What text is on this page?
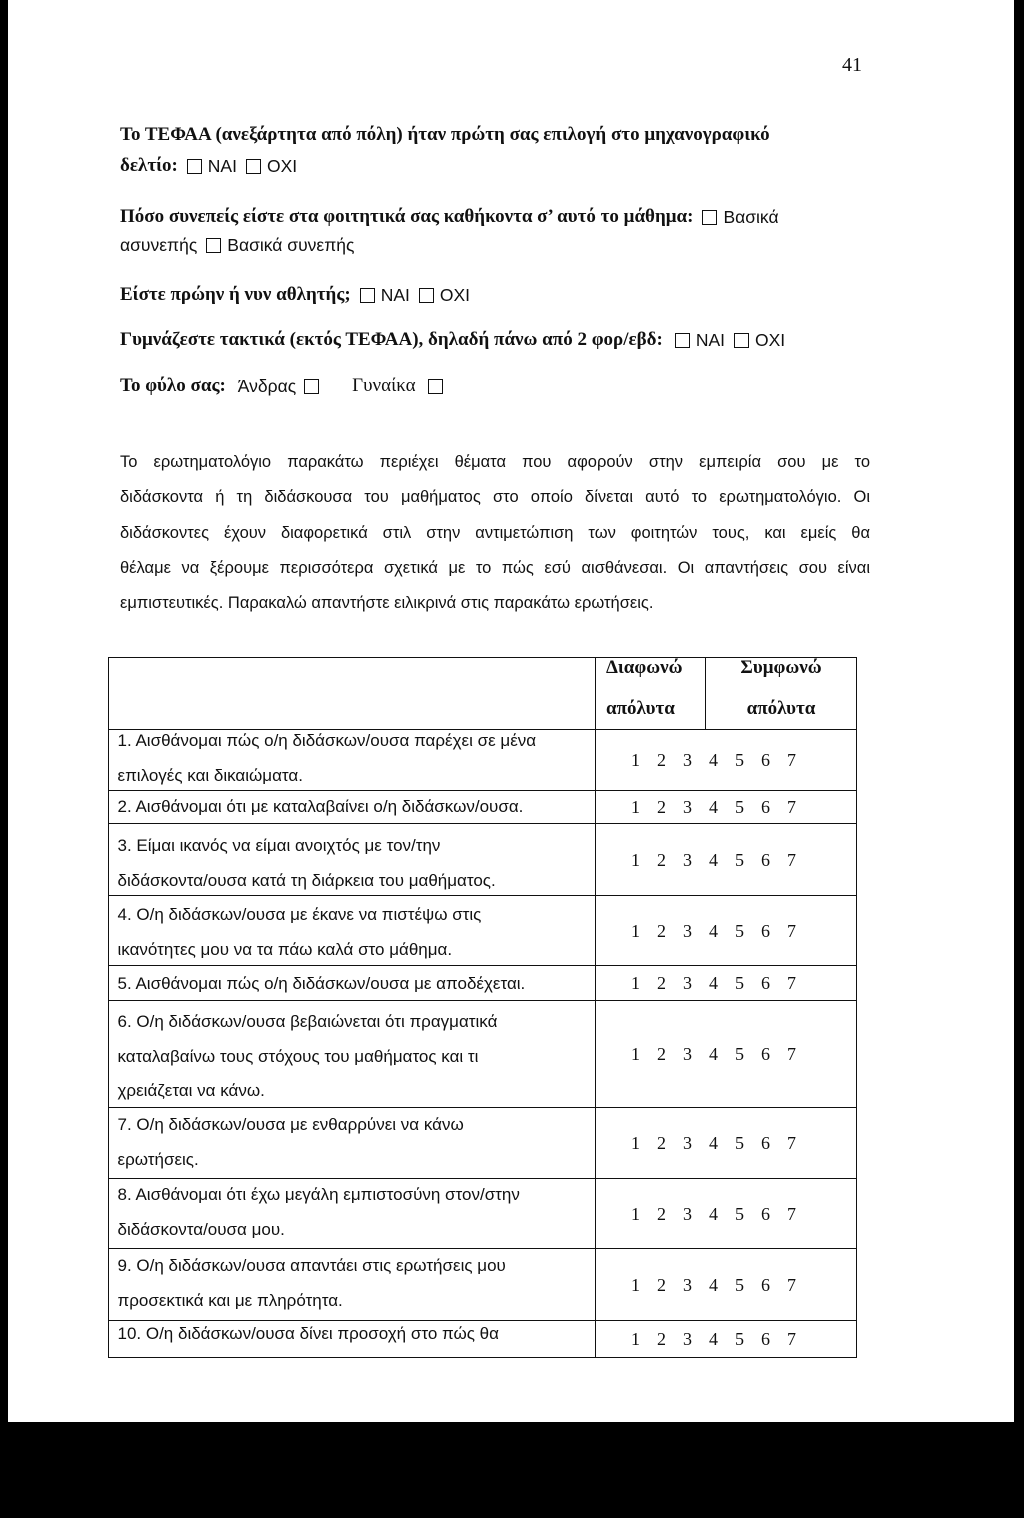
41
Το ΤΕΦΑΑ (ανεξάρτητα από πόλη) ήταν πρώτη σας επιλογή στο μηχανογραφικό
δελτίο: ΝΑΙ ΟΧΙ
Πόσο συνεπείς είστε στα φοιτητικά σας καθήκοντα σ’ αυτό το μάθημα: Βασικά
ασυνεπής Βασικά συνεπής
Είστε πρώην ή νυν αθλητής; ΝΑΙ ΟΧΙ
Γυμνάζεστε τακτικά (εκτός ΤΕΦΑΑ), δηλαδή πάνω από 2 φορ/εβδ: ΝΑΙ ΟΧΙ
Το φύλο σας: Άνδρας	Γυναίκα
Το ερωτηματολόγιο παρακάτω περιέχει θέματα που αφορούν στην εμπειρία σου με το
διδάσκοντα ή τη διδάσκουσα του μαθήματος στο οποίο δίνεται αυτό το ερωτηματολόγιο. Οι
διδάσκοντες έχουν διαφορετικά στιλ στην αντιμετώπιση των φοιτητών τους, και εμείς θα
θέλαμε να ξέρουμε περισσότερα σχετικά με το πώς εσύ αισθάνεσαι. Οι απαντήσεις σου είναι
εμπιστευτικές. Παρακαλώ απαντήστε ειλικρινά στις παρακάτω ερωτήσεις.
Διαφωνώ
απόλυτα
Συμφωνώ
απόλυτα
1. Αισθάνομαι πώς ο/η διδάσκων/ουσα παρέχει σε μένα
επιλογές και δικαιώματα.
1 2 3 4 5 6 7
2. Αισθάνομαι ότι με καταλαβαίνει ο/η διδάσκων/ουσα.	1 2 3 4 5 6 7
3. Είμαι ικανός να είμαι ανοιχτός με τον/την
διδάσκοντα/ουσα κατά τη διάρκεια του μαθήματος.
1 2 3 4 5 6 7
4. Ο/η διδάσκων/ουσα με έκανε να πιστέψω στις
ικανότητες μου να τα πάω καλά στο μάθημα.
1 2 3 4 5 6 7
5. Αισθάνομαι πώς ο/η διδάσκων/ουσα με αποδέχεται.	1 2 3 4 5 6 7
6. Ο/η διδάσκων/ουσα βεβαιώνεται ότι πραγματικά
καταλαβαίνω τους στόχους του μαθήματος και τι
χρειάζεται να κάνω.
1 2 3 4 5 6 7
7. Ο/η διδάσκων/ουσα με ενθαρρύνει να κάνω
ερωτήσεις.
1 2 3 4 5 6 7
8. Αισθάνομαι ότι έχω μεγάλη εμπιστοσύνη στον/στην
διδάσκοντα/ουσα μου.
1 2 3 4 5 6 7
9. Ο/η διδάσκων/ουσα απαντάει στις ερωτήσεις μου
προσεκτικά και με πληρότητα.
1 2 3 4 5 6 7
10. Ο/η διδάσκων/ουσα δίνει προσοχή στο πώς θα	1 2 3 4 5 6 7
